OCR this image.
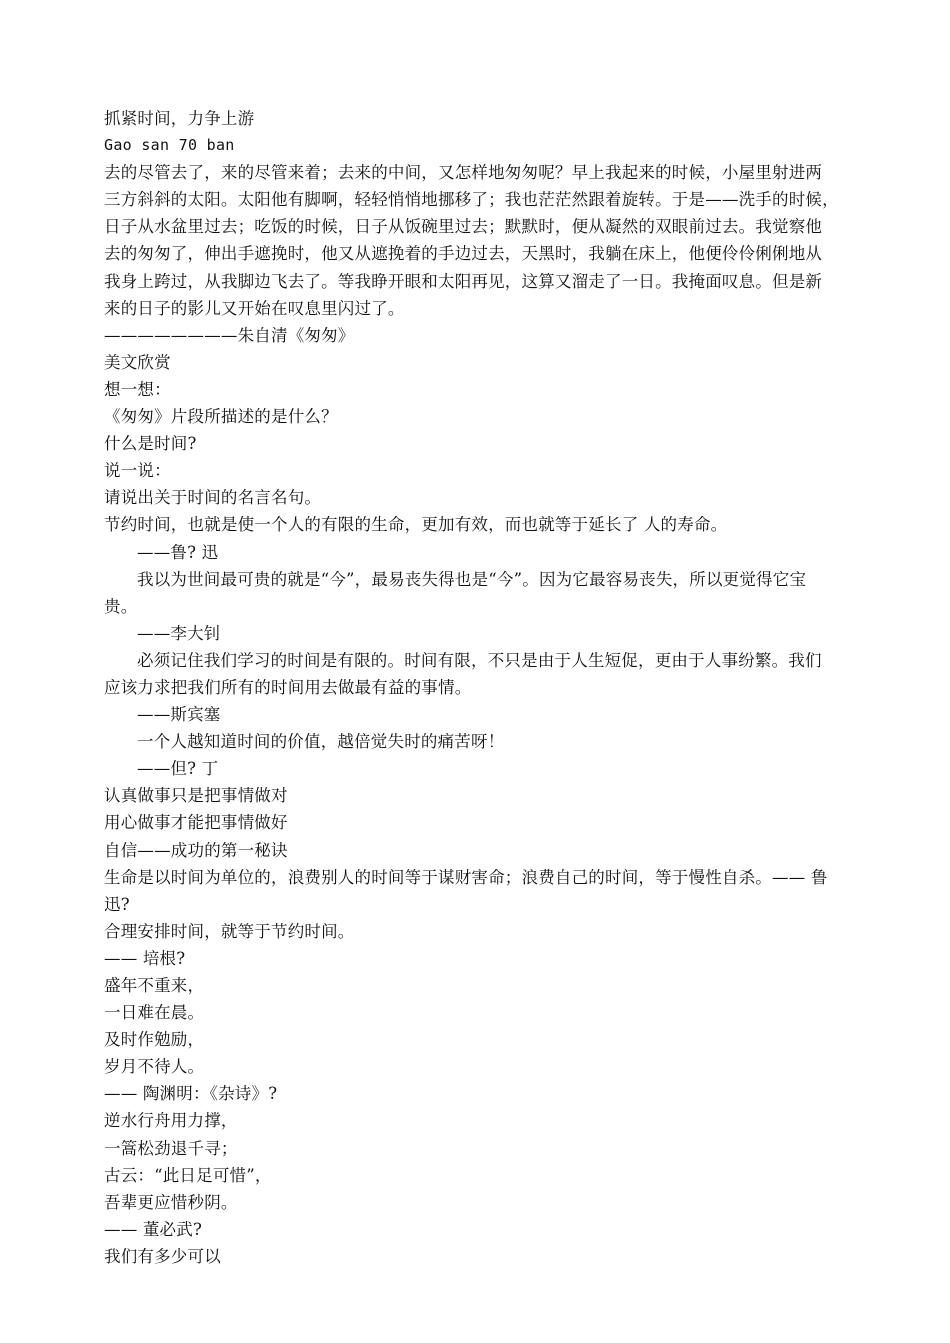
抓紧时间，力争上游
Gao san 70 ban
去的尽管去了，来的尽管来着；去来的中间，又怎样地匆匆呢？早上我起来的时候，小屋里射进两
三方斜斜的太阳。太阳他有脚啊，轻轻悄悄地挪移了；我也茫茫然跟着旋转。于是——洗手的时候，
日子从水盆里过去；吃饭的时候，日子从饭碗里过去；默默时，便从凝然的双眼前过去。我觉察他
去的匆匆了，伸出手遮挽时，他又从遮挽着的手边过去，天黑时，我躺在床上，他便伶伶俐俐地从
我身上跨过，从我脚边飞去了。等我睁开眼和太阳再见，这算又溜走了一日。我掩面叹息。但是新
来的日子的影儿又开始在叹息里闪过了。
————————朱自清《匆匆》
美文欣赏
想一想：
《匆匆》片段所描述的是什么？
什么是时间?
说一说：
请说出关于时间的名言名句。
节约时间，也就是使一个人的有限的生命，更加有效，而也就等于延长了 人的寿命。
——鲁? 迅
我以为世间最可贵的就是“今”，最易丧失得也是“今”。因为它最容易丧失，所以更觉得它宝
贵。
——李大钊
必须记住我们学习的时间是有限的。时间有限，不只是由于人生短促，更由于人事纷繁。我们
应该力求把我们所有的时间用去做最有益的事情。
——斯宾塞
一个人越知道时间的价值，越倍觉失时的痛苦呀！
——但? 丁
认真做事只是把事情做对
用心做事才能把事情做好
自信——成功的第一秘诀
生命是以时间为单位的，浪费别人的时间等于谋财害命；浪费自己的时间，等于慢性自杀。—— 鲁
迅?
合理安排时间，就等于节约时间。
—— 培根?
盛年不重来，
一日难在晨。
及时作勉励，
岁月不待人。
—— 陶渊明：《杂诗》?
逆水行舟用力撑，
一篙松劲退千寻；
古云：“此日足可惜”，
吾辈更应惜秒阴。
—— 董必武?
我们有多少可以
